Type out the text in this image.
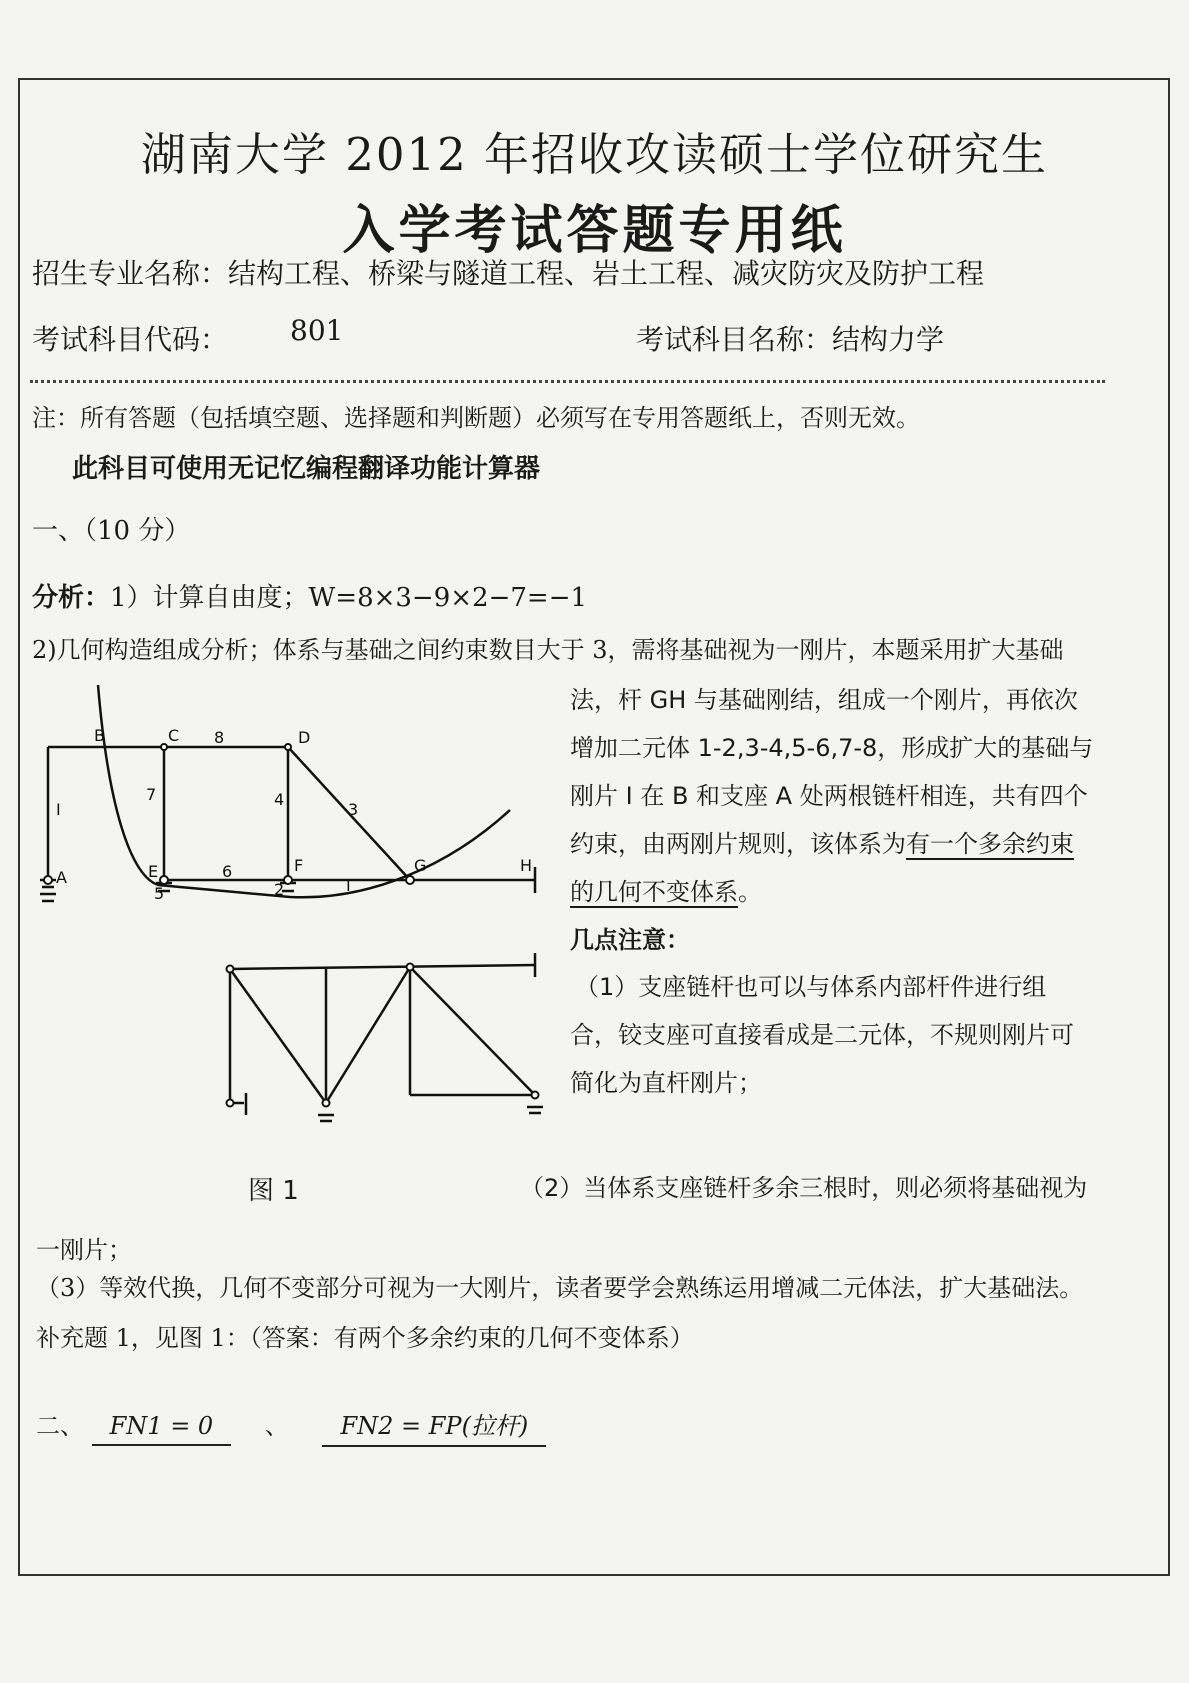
湖南大学 2012 年招收攻读硕士学位研究生
入学考试答题专用纸
招生专业名称：结构工程、桥梁与隧道工程、岩土工程、减灾防灾及防护工程
考试科目代码： 801	考试科目名称：结构力学
注：所有答题（包括填空题、选择题和判断题）必须写在专用答题纸上，否则无效。
此科目可使用无记忆编程翻译功能计算器
一、（10 分）
分析：1）计算自由度；W=8×3−9×2−7=−1
2)几何构造组成分析；体系与基础之间约束数目大于 3，需将基础视为一刚片，本题采用扩大基础
法，杆 GH 与基础刚结，组成一个刚片，再依次
增加二元体 1-2,3-4,5-6,7-8，形成扩大的基础与
刚片 I 在 B 和支座 A 处两根链杆相连，共有四个
约束，由两刚片规则，该体系为有一个多余约束
的几何不变体系。
几点注意：
（1）支座链杆也可以与体系内部杆件进行组
合，铰支座可直接看成是二元体，不规则刚片可
简化为直杆刚片；
B	C 8	D
I
7	4
3
E	6	F	G	H
A
5	2	I
图 1	（2）当体系支座链杆多余三根时，则必须将基础视为
一刚片；
（3）等效代换，几何不变部分可视为一大刚片，读者要学会熟练运用增减二元体法，扩大基础法。
补充题 1，见图 1：（答案：有两个多余约束的几何不变体系）
二、 FN1 = 0 、 FN2 = FP(拉杆)
